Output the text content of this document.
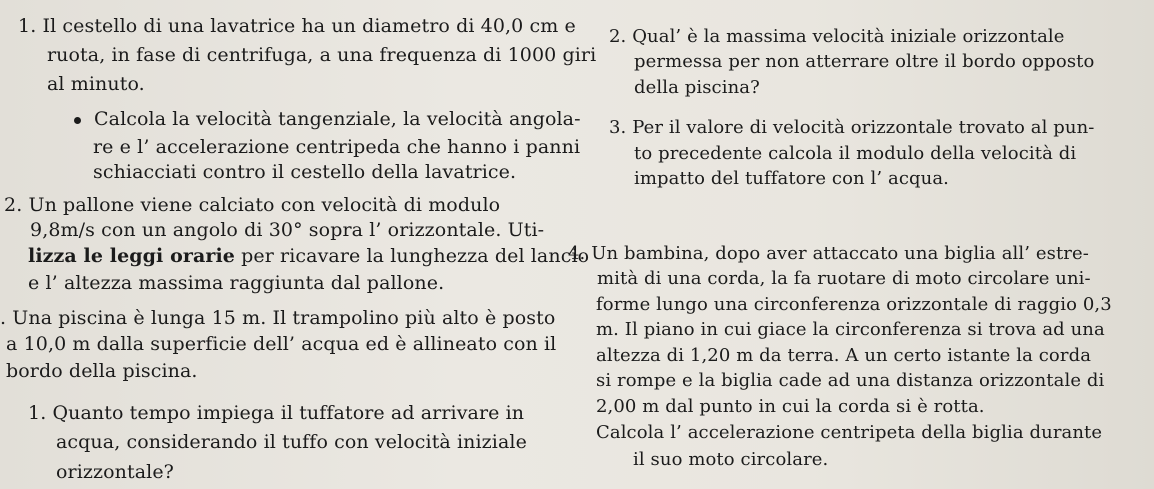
1. Il cestello di una lavatrice ha un diametro di 40,0 cm e
ruota, in fase di centrifuga, a una frequenza di 1000 giri
al minuto.
Calcola la velocità tangenziale, la velocità angola-
re e l’ accelerazione centripeda che hanno i panni
schiacciati contro il cestello della lavatrice.
2. Un pallone viene calciato con velocità di modulo
9,8m/s con un angolo di 30° sopra l’ orizzontale. Uti-
lizza le leggi orarie per ricavare la lunghezza del lancio
e l’ altezza massima raggiunta dal pallone.
. Una piscina è lunga 15 m. Il trampolino più alto è posto
a 10,0 m dalla superficie dell’ acqua ed è allineato con il
bordo della piscina.
1. Quanto tempo impiega il tuffatore ad arrivare in
acqua, considerando il tuffo con velocità iniziale
orizzontale?
2. Qual’ è la massima velocità iniziale orizzontale
permessa per non atterrare oltre il bordo opposto
della piscina?
3. Per il valore di velocità orizzontale trovato al pun-
to precedente calcola il modulo della velocità di
impatto del tuffatore con l’ acqua.
4. Un bambina, dopo aver attaccato una biglia all’ estre-
mità di una corda, la fa ruotare di moto circolare uni-
forme lungo una circonferenza orizzontale di raggio 0,3
m. Il piano in cui giace la circonferenza si trova ad una
altezza di 1,20 m da terra. A un certo istante la corda
si rompe e la biglia cade ad una distanza orizzontale di
2,00 m dal punto in cui la corda si è rotta.
Calcola l’ accelerazione centripeta della biglia durante
il suo moto circolare.
